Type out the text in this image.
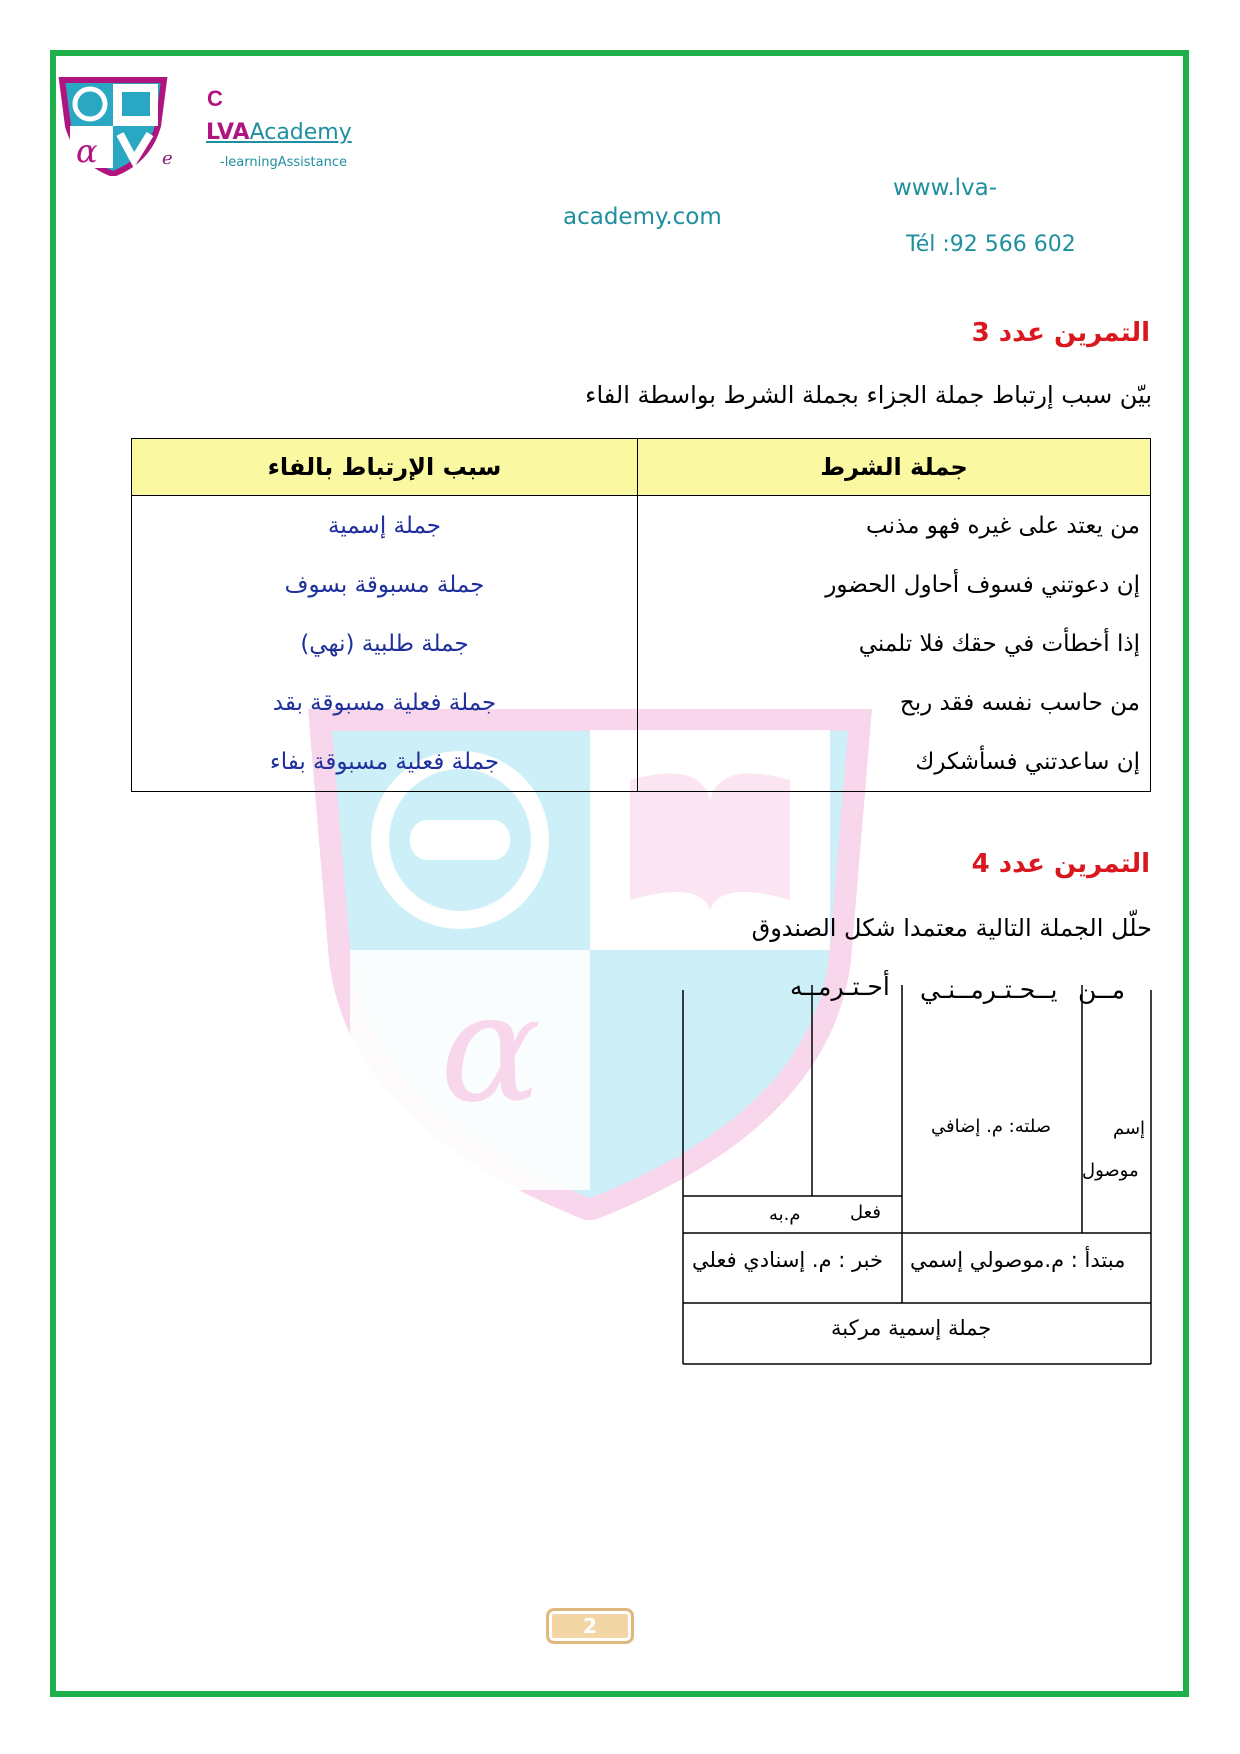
α
α	e
C
LVAAcademy
-learningAssistance
www.lva-
academy.com
Tél :92 566 602
التمرين عدد 3
بيّن سبب إرتباط جملة الجزاء بجملة الشرط بواسطة الفاء
جملة الشرط	سبب الإرتباط بالفاء
من يعتد على غيره فهو مذنب	جملة إسمية
إن دعوتني فسوف أحاول الحضور	جملة مسبوقة بسوف
إذا أخطأت في حقك فلا تلمني	جملة طلبية (نهي)
من حاسب نفسه فقد ربح	جملة فعلية مسبوقة بقد
إن ساعدتني فسأشكرك	جملة فعلية مسبوقة بفاء
التمرين عدد 4
حلّل الجملة التالية معتمدا شكل الصندوق
مــن
يــحـتـرمــنـي
أحـتـرمــه
إسم
موصول
صلته: م. إضافي
فعل
م.به
مبتدأ : م.موصولي إسمي
خبر : م. إسنادي فعلي
جملة إسمية مركبة
2
